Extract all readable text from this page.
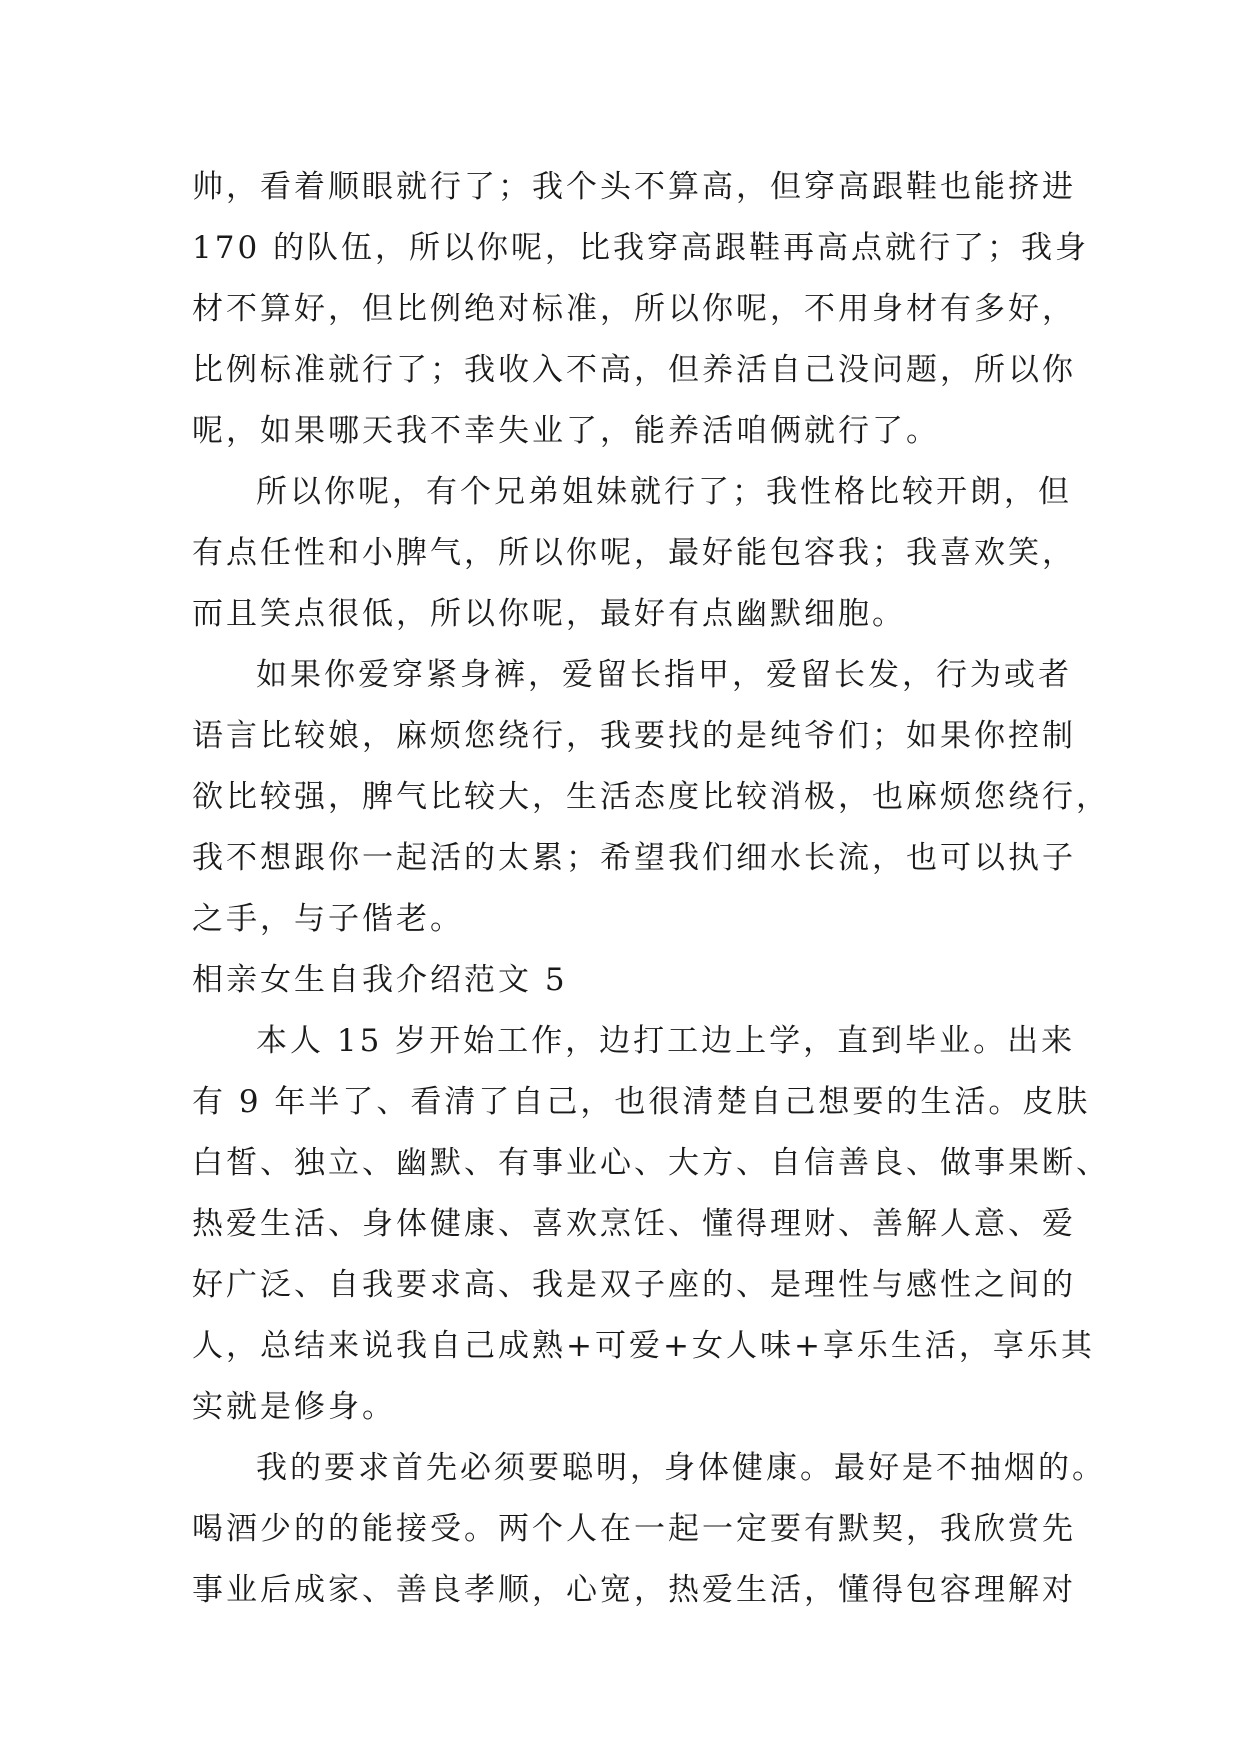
帅，看着顺眼就行了；我个头不算高，但穿高跟鞋也能挤进
170 的队伍，所以你呢，比我穿高跟鞋再高点就行了；我身
材不算好，但比例绝对标准，所以你呢，不用身材有多好，
比例标准就行了；我收入不高，但养活自己没问题，所以你
呢，如果哪天我不幸失业了，能养活咱俩就行了。
所以你呢，有个兄弟姐妹就行了；我性格比较开朗，但
有点任性和小脾气，所以你呢，最好能包容我；我喜欢笑，
而且笑点很低，所以你呢，最好有点幽默细胞。
如果你爱穿紧身裤，爱留长指甲，爱留长发，行为或者
语言比较娘，麻烦您绕行，我要找的是纯爷们；如果你控制
欲比较强，脾气比较大，生活态度比较消极，也麻烦您绕行，
我不想跟你一起活的太累；希望我们细水长流，也可以执子
之手，与子偕老。
相亲女生自我介绍范文 5
本人 15 岁开始工作，边打工边上学，直到毕业。出来
有 9 年半了、看清了自己，也很清楚自己想要的生活。皮肤
白皙、独立、幽默、有事业心、大方、自信善良、做事果断、
热爱生活、身体健康、喜欢烹饪、懂得理财、善解人意、爱
好广泛、自我要求高、我是双子座的、是理性与感性之间的
人，总结来说我自己成熟+可爱+女人味+享乐生活，享乐其
实就是修身。
我的要求首先必须要聪明，身体健康。最好是不抽烟的。
喝酒少的的能接受。两个人在一起一定要有默契，我欣赏先
事业后成家、善良孝顺，心宽，热爱生活，懂得包容理解对
